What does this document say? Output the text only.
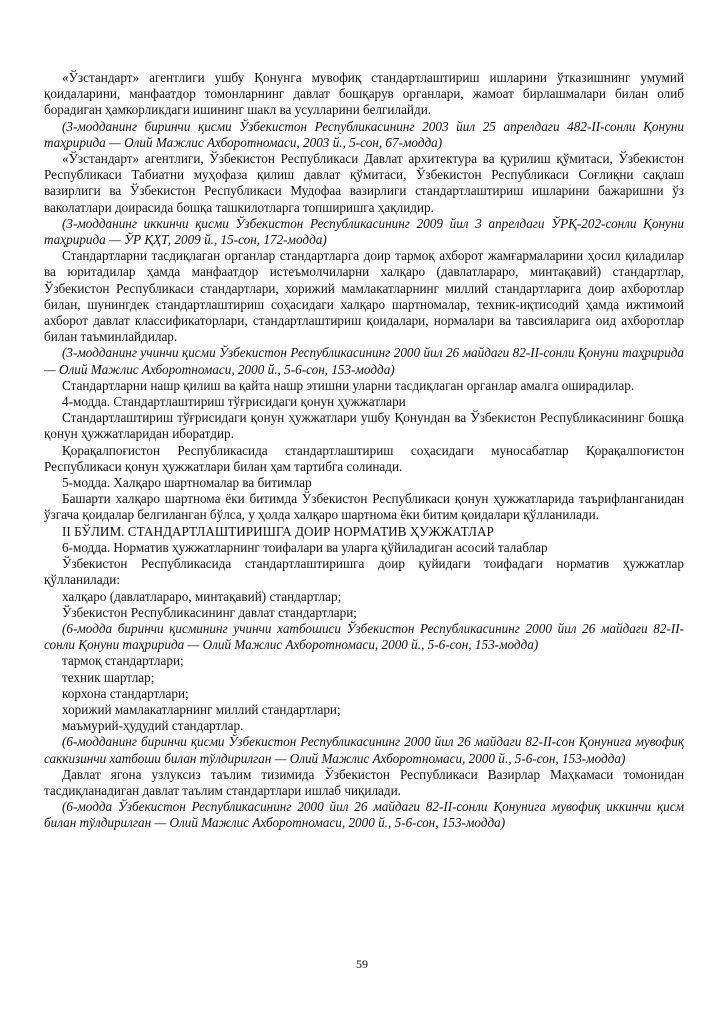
«Ўзстандарт» агентлиги ушбу Қонунга мувофиқ стандартлаштириш ишларини ўтказишнинг умумий қоидаларини, манфаатдор томонларнинг давлат бошқарув органлари, жамоат бирлашмалари билан олиб борадиган ҳамкорликдаги ишининг шакл ва усулларини белгилайди.

(3-модданинг биринчи қисми Ўзбекистон Республикасининг 2003 йил 25 апрелдаги 482-II-сонли Қонуни таҳририда — Олий Мажлис Ахборотномаси, 2003 й., 5-сон, 67-модда)

«Ўзстандарт» агентлиги, Ўзбекистон Республикаси Давлат архитектура ва қурилиш қўмитаси, Ўзбекистон Республикаси Табиатни муҳофаза қилиш давлат қўмитаси, Ўзбекистон Республикаси Соғлиқни сақлаш вазирлиги ва Ўзбекистон Республикаси Мудофаа вазирлиги стандартлаштириш ишларини бажаришни ўз ваколатлари доирасида бошқа ташкилотларга топширишга ҳақлидир.

(3-модданинг иккинчи қисми Ўзбекистон Республикасининг 2009 йил 3 апрелдаги ЎРҚ-202-сонли Қонуни таҳририда — ЎР ҚҲТ, 2009 й., 15-сон, 172-модда)

Стандартларни тасдиқлаган органлар стандартларга доир тармоқ ахборот жамғармаларини ҳосил қиладилар ва юритадилар ҳамда манфаатдор истеъмолчиларни халқаро (давлатлараро, минтақавий) стандартлар, Ўзбекистон Республикаси стандартлари, хорижий мамлакатларнинг миллий стандартларига доир ахборотлар билан, шунингдек стандартлаштириш соҳасидаги халқаро шартномалар, техник-иқтисодий ҳамда ижтимоий ахборот давлат классификаторлари, стандартлаштириш қоидалари, нормалари ва тавсияларига оид ахборотлар билан таъминлайдилар.

(3-модданинг учинчи қисми Ўзбекистон Республикасининг 2000 йил 26 майдаги 82-II-сонли Қонуни таҳририда — Олий Мажлис Ахборотномаси, 2000 й., 5-6-сон, 153-модда)

Стандартларни нашр қилиш ва қайта нашр этишни уларни тасдиқлаган органлар амалга оширадилар.

4-модда. Стандартлаштириш тўғрисидаги қонун ҳужжатлари

Стандартлаштириш тўғрисидаги қонун ҳужжатлари ушбу Қонундан ва Ўзбекистон Республикасининг бошқа қонун ҳужжатларидан иборатдир.

Қорақалпоғистон Республикасида стандартлаштириш соҳасидаги муносабатлар Қорақалпоғистон Республикаси қонун ҳужжатлари билан ҳам тартибга солинади.

5-модда. Халқаро шартномалар ва битимлар

Башарти халқаро шартнома ёки битимда Ўзбекистон Республикаси қонун ҳужжатларида таърифланганидан ўзгача қоидалар белгиланган бўлса, у ҳолда халқаро шартнома ёки битим қоидалари қўлланилади.

II БЎЛИМ. СТАНДАРТЛАШТИРИШГА ДОИР НОРМАТИВ ҲУЖЖАТЛАР

6-модда. Норматив ҳужжатларнинг тоифалари ва уларга қўйиладиган асосий талаблар

Ўзбекистон Республикасида стандартлаштиришга доир қуйидаги тоифадаги норматив ҳужжатлар қўлланилади:

халқаро (давлатлараро, минтақавий) стандартлар;

Ўзбекистон Республикасининг давлат стандартлари;

(6-модда биринчи қисмининг учинчи хатбошиси Ўзбекистон Республикасининг 2000 йил 26 майдаги 82-II-сонли Қонуни таҳририда — Олий Мажлис Ахборотномаси, 2000 й., 5-6-сон, 153-модда)

тармоқ стандартлари;

техник шартлар;

корхона стандартлари;

хорижий мамлакатларнинг миллий стандартлари;

маъмурий-ҳудудий стандартлар.

(6-модданинг биринчи қисми Ўзбекистон Республикасининг 2000 йил 26 майдаги 82-II-сон Қонунига мувофиқ саккизинчи хатбоши билан тўлдирилган — Олий Мажлис Ахборотномаси, 2000 й., 5-6-сон, 153-модда)

Давлат ягона узлуксиз таълим тизимида Ўзбекистон Республикаси Вазирлар Маҳкамаси томонидан тасдиқланадиган давлат таълим стандартлари ишлаб чиқилади.

(6-модда Ўзбекистон Республикасининг 2000 йил 26 майдаги 82-II-сонли Қонунига мувофиқ иккинчи қисм билан тўлдирилган — Олий Мажлис Ахборотномаси, 2000 й., 5-6-сон, 153-модда)

59
